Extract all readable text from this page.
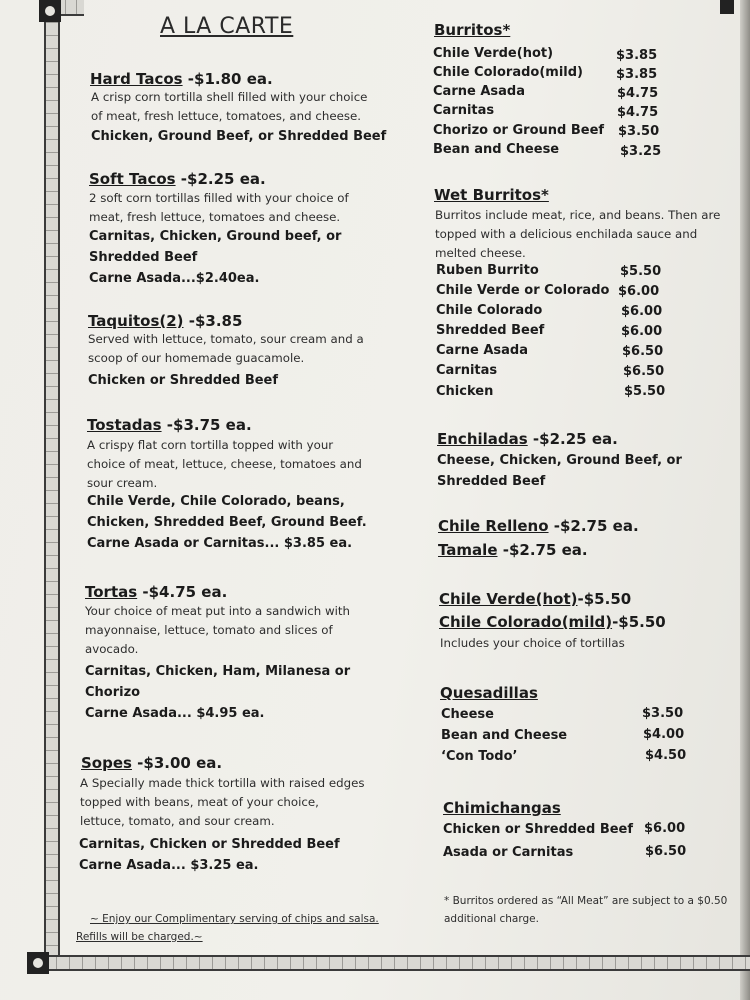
A LA CARTE
Hard Tacos -$1.80 ea.
A crisp corn tortilla shell filled with your choice
of meat, fresh lettuce, tomatoes, and cheese.
Chicken, Ground Beef, or Shredded Beef
Soft Tacos -$2.25 ea.
2 soft corn tortillas filled with your choice of
meat, fresh lettuce, tomatoes and cheese.
Carnitas, Chicken, Ground beef, or
Shredded Beef
Carne Asada...$2.40ea.
Taquitos(2) -$3.85
Served with lettuce, tomato, sour cream and a
scoop of our homemade guacamole.
Chicken or Shredded Beef
Tostadas -$3.75 ea.
A crispy flat corn tortilla topped with your
choice of meat, lettuce, cheese, tomatoes and
sour cream.
Chile Verde, Chile Colorado, beans,
Chicken, Shredded Beef, Ground Beef.
Carne Asada or Carnitas... $3.85 ea.
Tortas -$4.75 ea.
Your choice of meat put into a sandwich with
mayonnaise, lettuce, tomato and slices of
avocado.
Carnitas, Chicken, Ham, Milanesa or
Chorizo
Carne Asada... $4.95 ea.
Sopes -$3.00 ea.
A Specially made thick tortilla with raised edges
topped with beans, meat of your choice,
lettuce, tomato, and sour cream.
Carnitas, Chicken or Shredded Beef
Carne Asada... $3.25 ea.
~ Enjoy our Complimentary serving of chips and salsa.
Refills will be charged.~
Burritos*
Chile Verde(hot)	$3.85
Chile Colorado(mild)	$3.85
Carne Asada	$4.75
Carnitas	$4.75
Chorizo or Ground Beef $3.50
Bean and Cheese	$3.25
Wet Burritos*
Burritos include meat, rice, and beans. Then are
topped with a delicious enchilada sauce and
melted cheese.
Ruben Burrito	$5.50
Chile Verde or Colorado $6.00
Chile Colorado	$6.00
Shredded Beef	$6.00
Carne Asada	$6.50
Carnitas	$6.50
Chicken	$5.50
Enchiladas -$2.25 ea.
Cheese, Chicken, Ground Beef, or
Shredded Beef
Chile Relleno -$2.75 ea.
Tamale -$2.75 ea.
Chile Verde(hot)-$5.50
Chile Colorado(mild)-$5.50
Includes your choice of tortillas
Quesadillas
Cheese	$3.50
Bean and Cheese	$4.00
‘Con Todo’	$4.50
Chimichangas
Chicken or Shredded Beef $6.00
Asada or Carnitas	$6.50
* Burritos ordered as “All Meat” are subject to a $0.50
additional charge.
